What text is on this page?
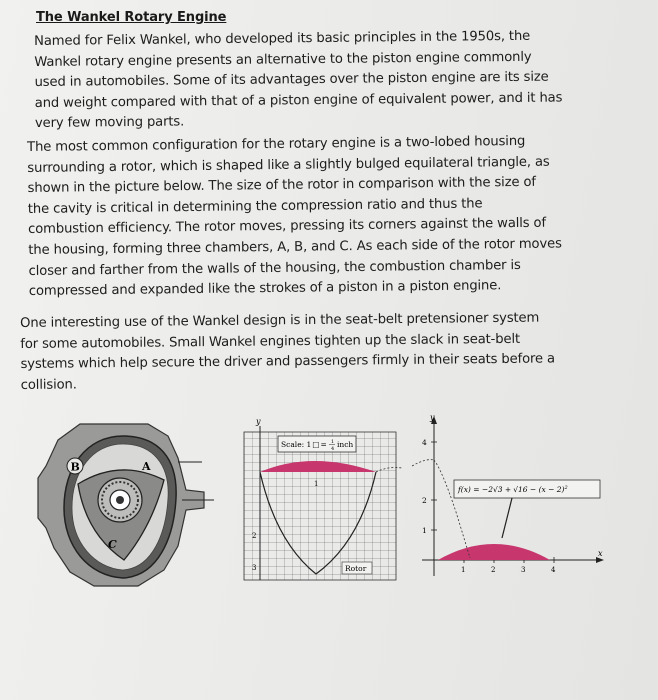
The Wankel Rotary Engine
Named for Felix Wankel, who developed its basic principles in the 1950s, the
Wankel rotary engine presents an alternative to the piston engine commonly
used in automobiles. Some of its advantages over the piston engine are its size
and weight compared with that of a piston engine of equivalent power, and it has
very few moving parts.
The most common configuration for the rotary engine is a two-lobed housing
surrounding a rotor, which is shaped like a slightly bulged equilateral triangle, as
shown in the picture below. The size of the rotor in comparison with the size of
the cavity is critical in determining the compression ratio and thus the
combustion efficiency. The rotor moves, pressing its corners against the walls of
the housing, forming three chambers, A, B, and C. As each side of the rotor moves
closer and farther from the walls of the housing, the combustion chamber is
compressed and expanded like the strokes of a piston in a piston engine.
One interesting use of the Wankel design is in the seat-belt pretensioner system
for some automobiles. Small Wankel engines tighten up the slack in seat-belt
systems which help secure the driver and passengers firmly in their seats before a
collision.
B	A
C
y
1
2
3
Scale: 1□= 1
4 inch
Rotor
y
x
4
2
1
1	2	3	4
$f(x) = -2√3 + √16 - (x - 2)^2$
